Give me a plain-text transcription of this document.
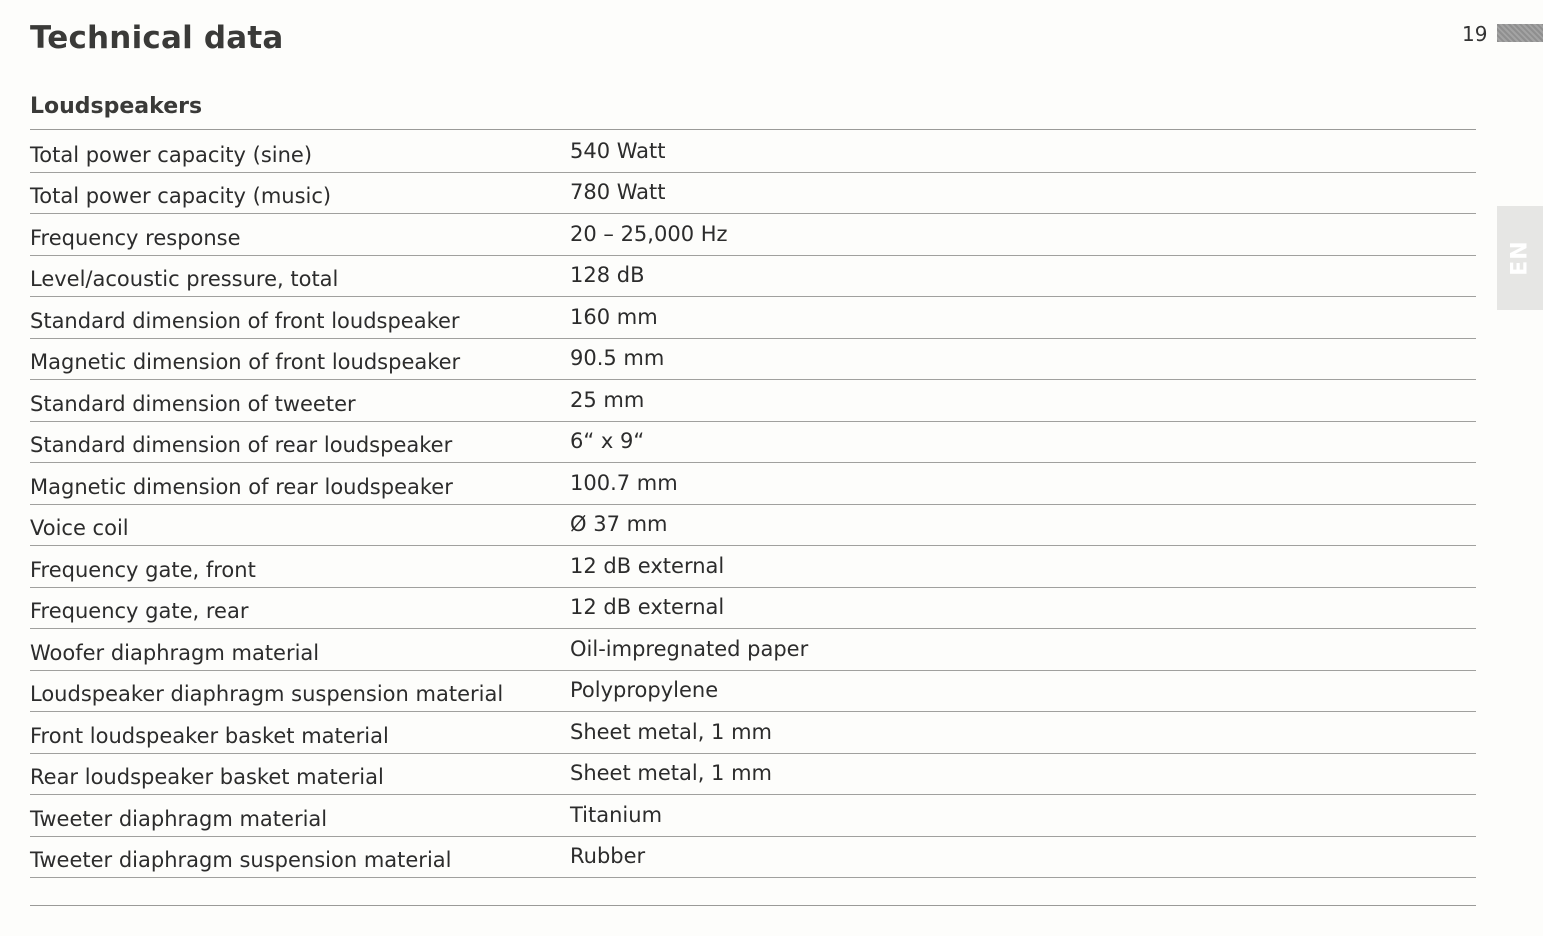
Technical data	19
EN
Loudspeakers
Total power capacity (sine)	540 Watt
Total power capacity (music)	780 Watt
Frequency response	20 – 25,000 Hz
Level/acoustic pressure, total	128 dB
Standard dimension of front loudspeaker	160 mm
Magnetic dimension of front loudspeaker	90.5 mm
Standard dimension of tweeter	25 mm
Standard dimension of rear loudspeaker	6“ x 9“
Magnetic dimension of rear loudspeaker	100.7 mm
Voice coil	Ø 37 mm
Frequency gate, front	12 dB external
Frequency gate, rear	12 dB external
Woofer diaphragm material	Oil-impregnated paper
Loudspeaker diaphragm suspension material	Polypropylene
Front loudspeaker basket material	Sheet metal, 1 mm
Rear loudspeaker basket material	Sheet metal, 1 mm
Tweeter diaphragm material	Titanium
Tweeter diaphragm suspension material	Rubber
